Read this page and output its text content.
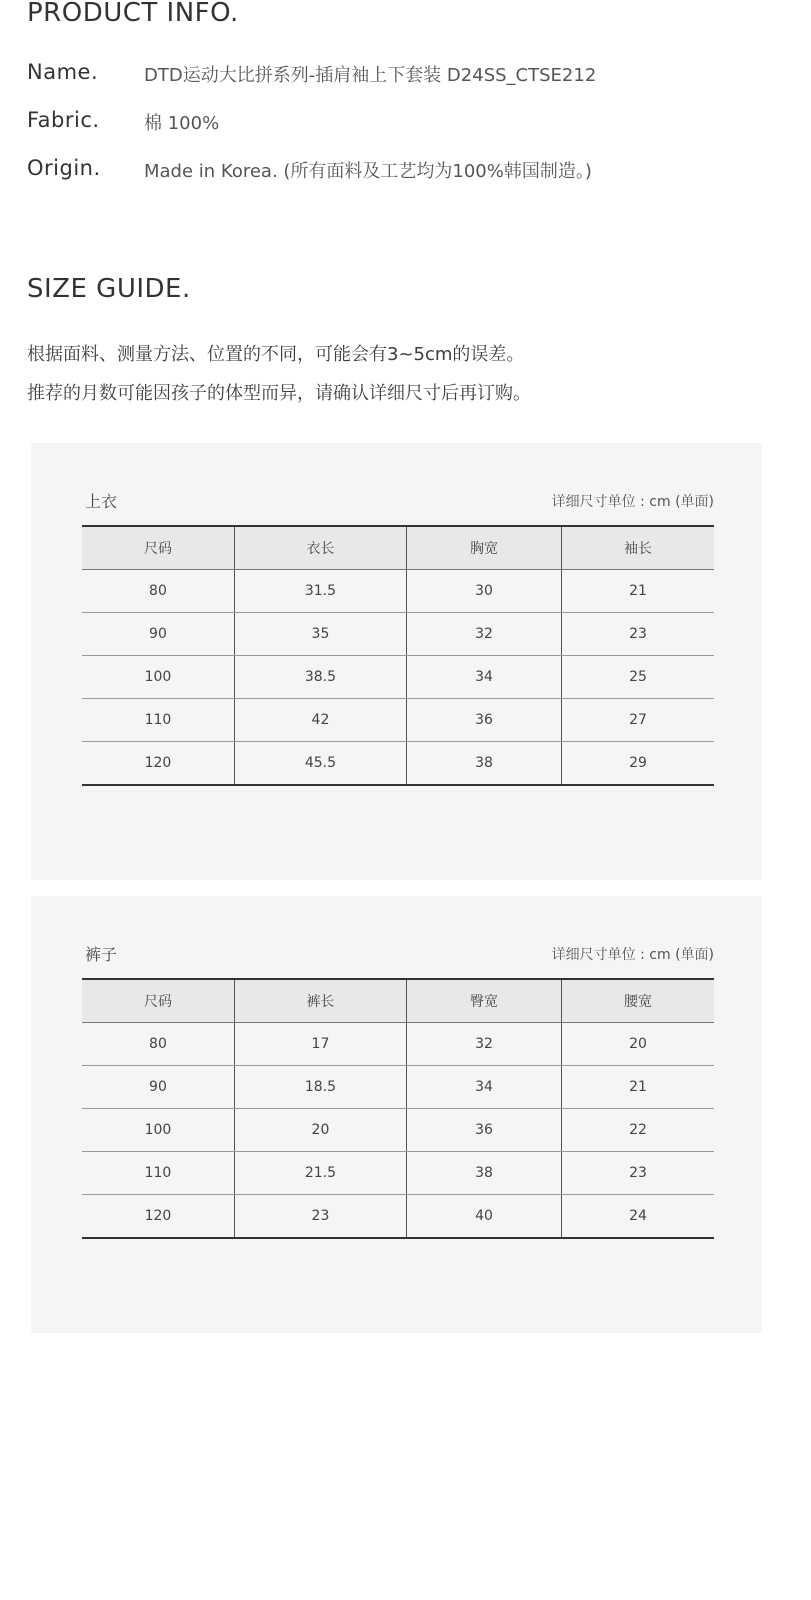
PRODUCT INFO.
Name.	DTD运动大比拼系列-插肩袖上下套装 D24SS_CTSE212
Fabric. 棉 100%
Origin. Made in Korea. (所有面料及工艺均为100%韩国制造。)
SIZE GUIDE.
根据面料、测量方法、位置的不同，可能会有3~5cm的误差。
推荐的月数可能因孩子的体型而异，请确认详细尺寸后再订购。
上衣	详细尺寸单位 : cm (单面)
尺码	衣长	胸宽	袖长
80	31.5	30	21
90	35	32	23
100	38.5	34	25
110	42	36	27
120	45.5	38	29
裤子	详细尺寸单位 : cm (单面)
尺码	裤长	臀宽	腰宽
80	17	32	20
90	18.5	34	21
100	20	36	22
110	21.5	38	23
120	23	40	24
